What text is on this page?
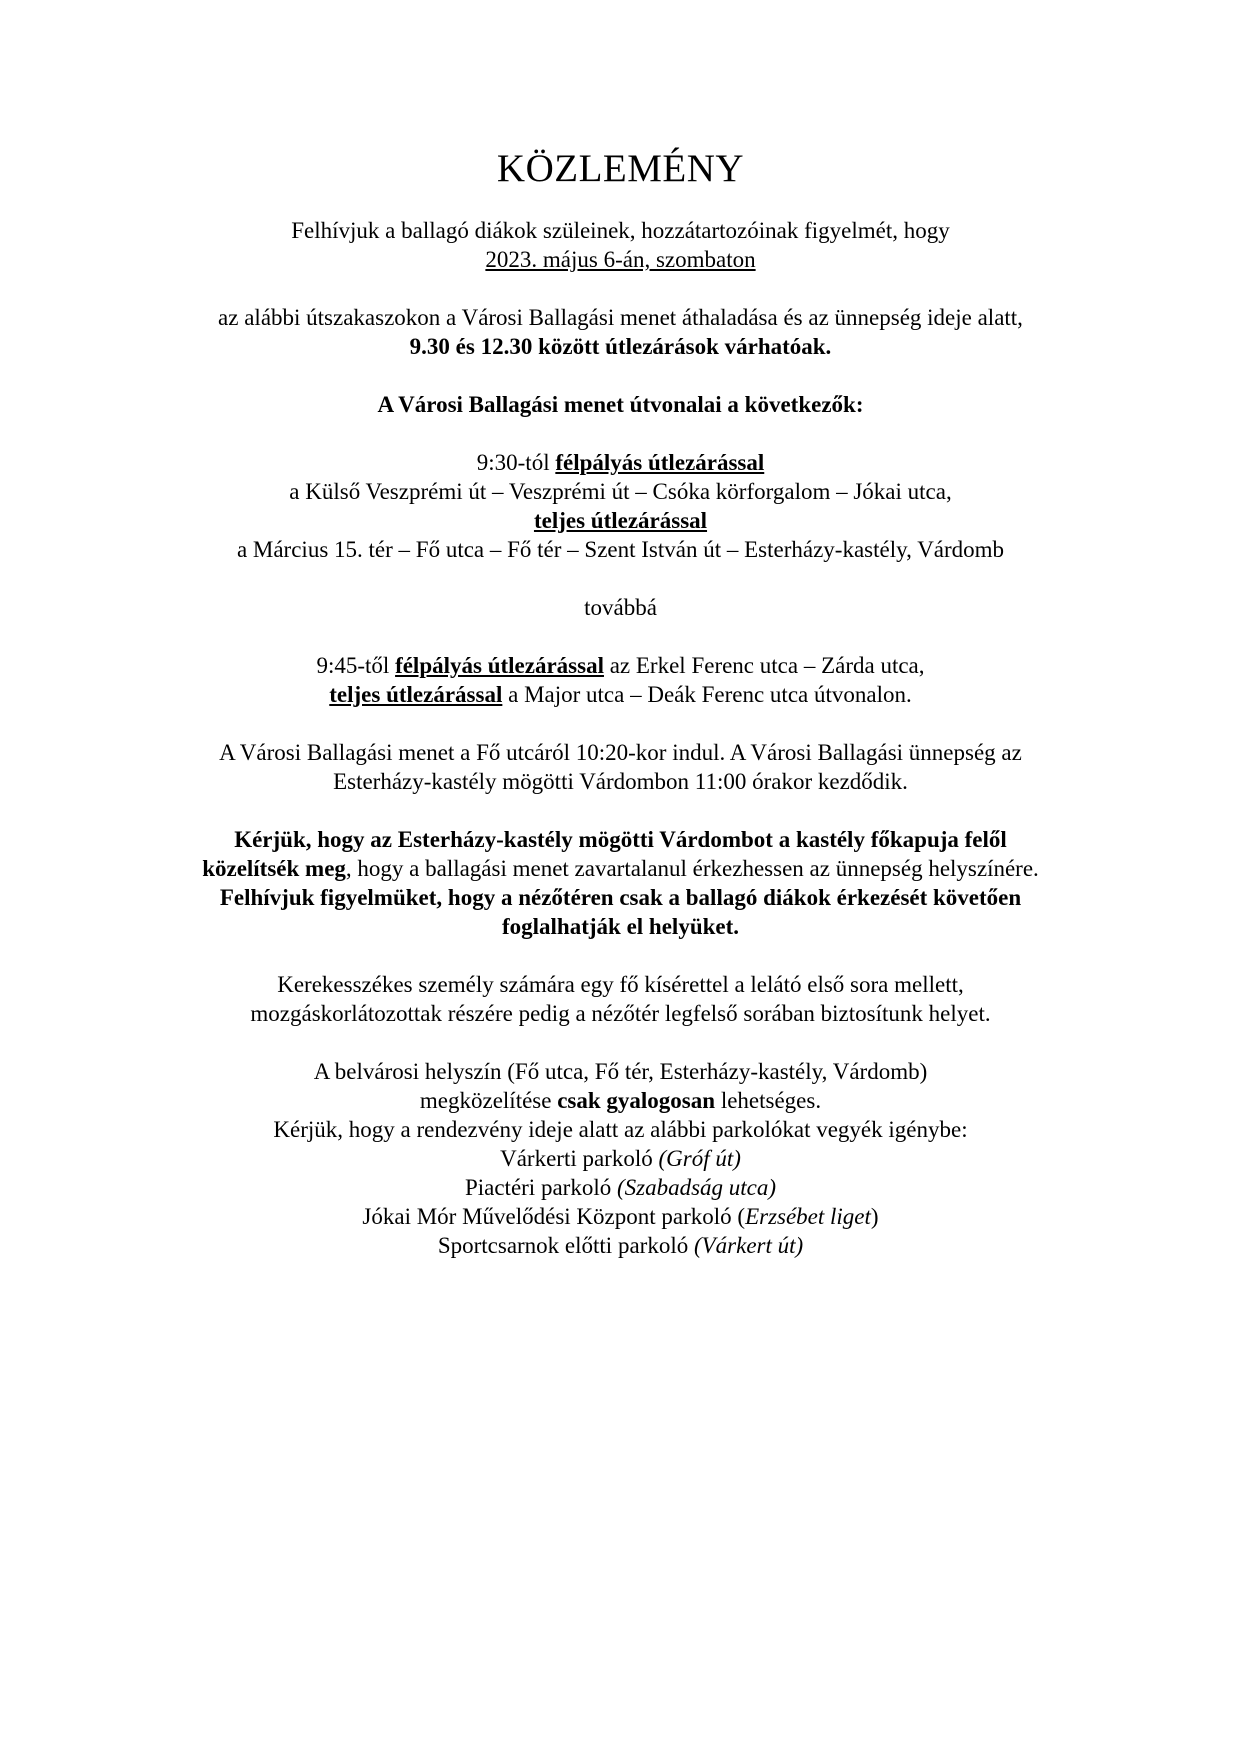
KÖZLEMÉNY

Felhívjuk a ballagó diákok szüleinek, hozzátartozóinak figyelmét, hogy

2023. május 6-án, szombaton

az alábbi útszakaszokon a Városi Ballagási menet áthaladása és az ünnepség ideje alatt,

9.30 és 12.30 között útlezárások várhatóak.

A Városi Ballagási menet útvonalai a következők:

9:30-tól félpályás útlezárással

a Külső Veszprémi út – Veszprémi út – Csóka körforgalom – Jókai utca,

teljes útlezárással

a Március 15. tér – Fő utca – Fő tér – Szent István út – Esterházy-kastély, Várdomb

továbbá

9:45-től félpályás útlezárással az Erkel Ferenc utca – Zárda utca,

teljes útlezárással a Major utca – Deák Ferenc utca útvonalon.

A Városi Ballagási menet a Fő utcáról 10:20-kor indul. A Városi Ballagási ünnepség az

Esterházy-kastély mögötti Várdombon 11:00 órakor kezdődik.

Kérjük, hogy az Esterházy-kastély mögötti Várdombot a kastély főkapuja felől

közelítsék meg, hogy a ballagási menet zavartalanul érkezhessen az ünnepség helyszínére.

Felhívjuk figyelmüket, hogy a nézőtéren csak a ballagó diákok érkezését követően

foglalhatják el helyüket.

Kerekesszékes személy számára egy fő kísérettel a lelátó első sora mellett,

mozgáskorlátozottak részére pedig a nézőtér legfelső sorában biztosítunk helyet.

A belvárosi helyszín (Fő utca, Fő tér, Esterházy-kastély, Várdomb)

megközelítése csak gyalogosan lehetséges.

Kérjük, hogy a rendezvény ideje alatt az alábbi parkolókat vegyék igénybe:

Várkerti parkoló (Gróf út)

Piactéri parkoló (Szabadság utca)

Jókai Mór Művelődési Központ parkoló (Erzsébet liget)

Sportcsarnok előtti parkoló (Várkert út)
